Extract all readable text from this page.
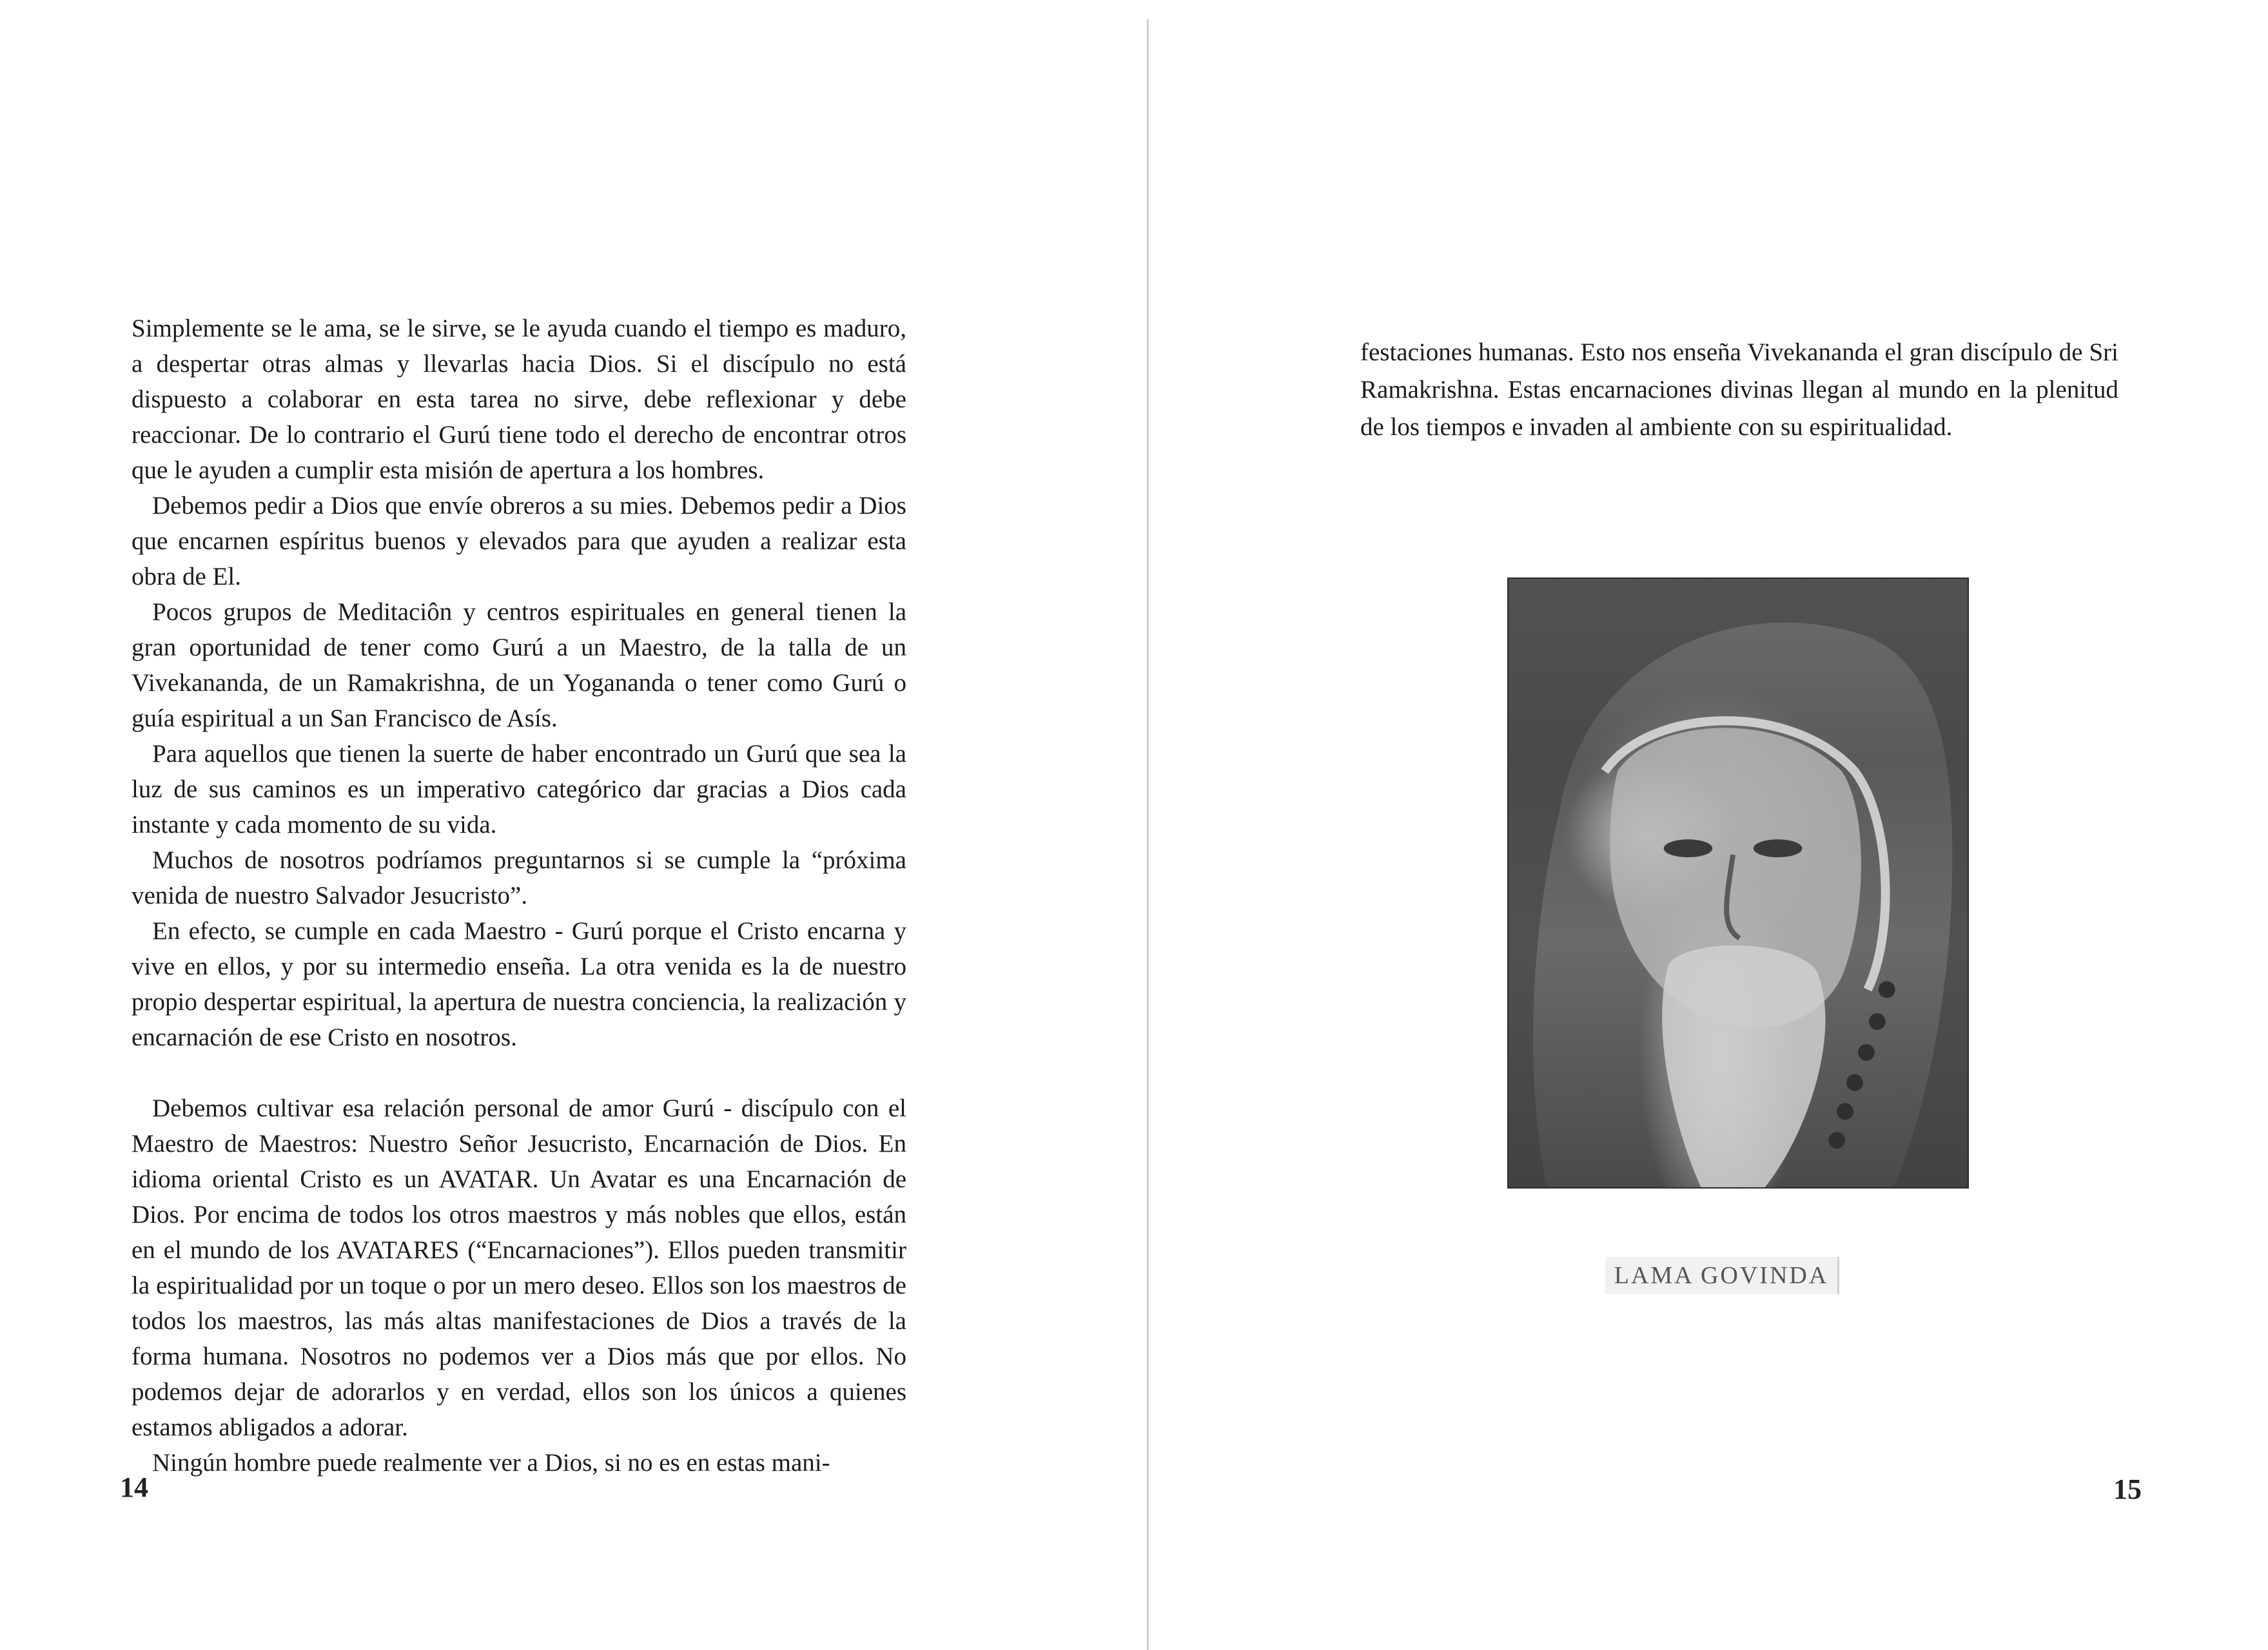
Simplemente se le ama, se le sirve, se le ayuda cuando el tiempo es maduro, a despertar otras almas y llevarlas hacia Dios. Si el discípulo no está dispuesto a colaborar en esta tarea no sirve, debe reflexionar y debe reaccionar. De lo contrario el Gurú tiene todo el derecho de encontrar otros que le ayuden a cumplir esta misión de apertura a los hombres.

Debemos pedir a Dios que envíe obreros a su mies. Debemos pedir a Dios que encarnen espíritus buenos y elevados para que ayuden a realizar esta obra de El.

Pocos grupos de Meditaciôn y centros espirituales en general tienen la gran oportunidad de tener como Gurú a un Maestro, de la talla de un Vivekananda, de un Ramakrishna, de un Yogananda o tener como Gurú o guía espiritual a un San Francisco de Asís.

Para aquellos que tienen la suerte de haber encontrado un Gurú que sea la luz de sus caminos es un imperativo categórico dar gracias a Dios cada instante y cada momento de su vida.

Muchos de nosotros podríamos preguntarnos si se cumple la “próxima venida de nuestro Salvador Jesucristo”.

En efecto, se cumple en cada Maestro - Gurú porque el Cristo encarna y vive en ellos, y por su intermedio enseña. La otra venida es la de nuestro propio despertar espiritual, la apertura de nuestra conciencia, la realización y encarnación de ese Cristo en nosotros.

Debemos cultivar esa relación personal de amor Gurú - discípulo con el Maestro de Maestros: Nuestro Señor Jesucristo, Encarnación de Dios. En idioma oriental Cristo es un AVATAR. Un Avatar es una Encarnación de Dios. Por encima de todos los otros maestros y más nobles que ellos, están en el mundo de los AVATARES (“Encarnaciones”). Ellos pueden transmitir la espiritualidad por un toque o por un mero deseo. Ellos son los maestros de todos los maestros, las más altas manifestaciones de Dios a través de la forma humana. Nosotros no podemos ver a Dios más que por ellos. No podemos dejar de adorarlos y en verdad, ellos son los únicos a quienes estamos abligados a adorar.

Ningún hombre puede realmente ver a Dios, si no es en estas mani-

14

festaciones humanas. Esto nos enseña Vivekananda el gran discípulo de Sri Ramakrishna. Estas encarnaciones divinas llegan al mundo en la plenitud de los tiempos e invaden al ambiente con su espiritualidad.

LAMA GOVINDA
15
